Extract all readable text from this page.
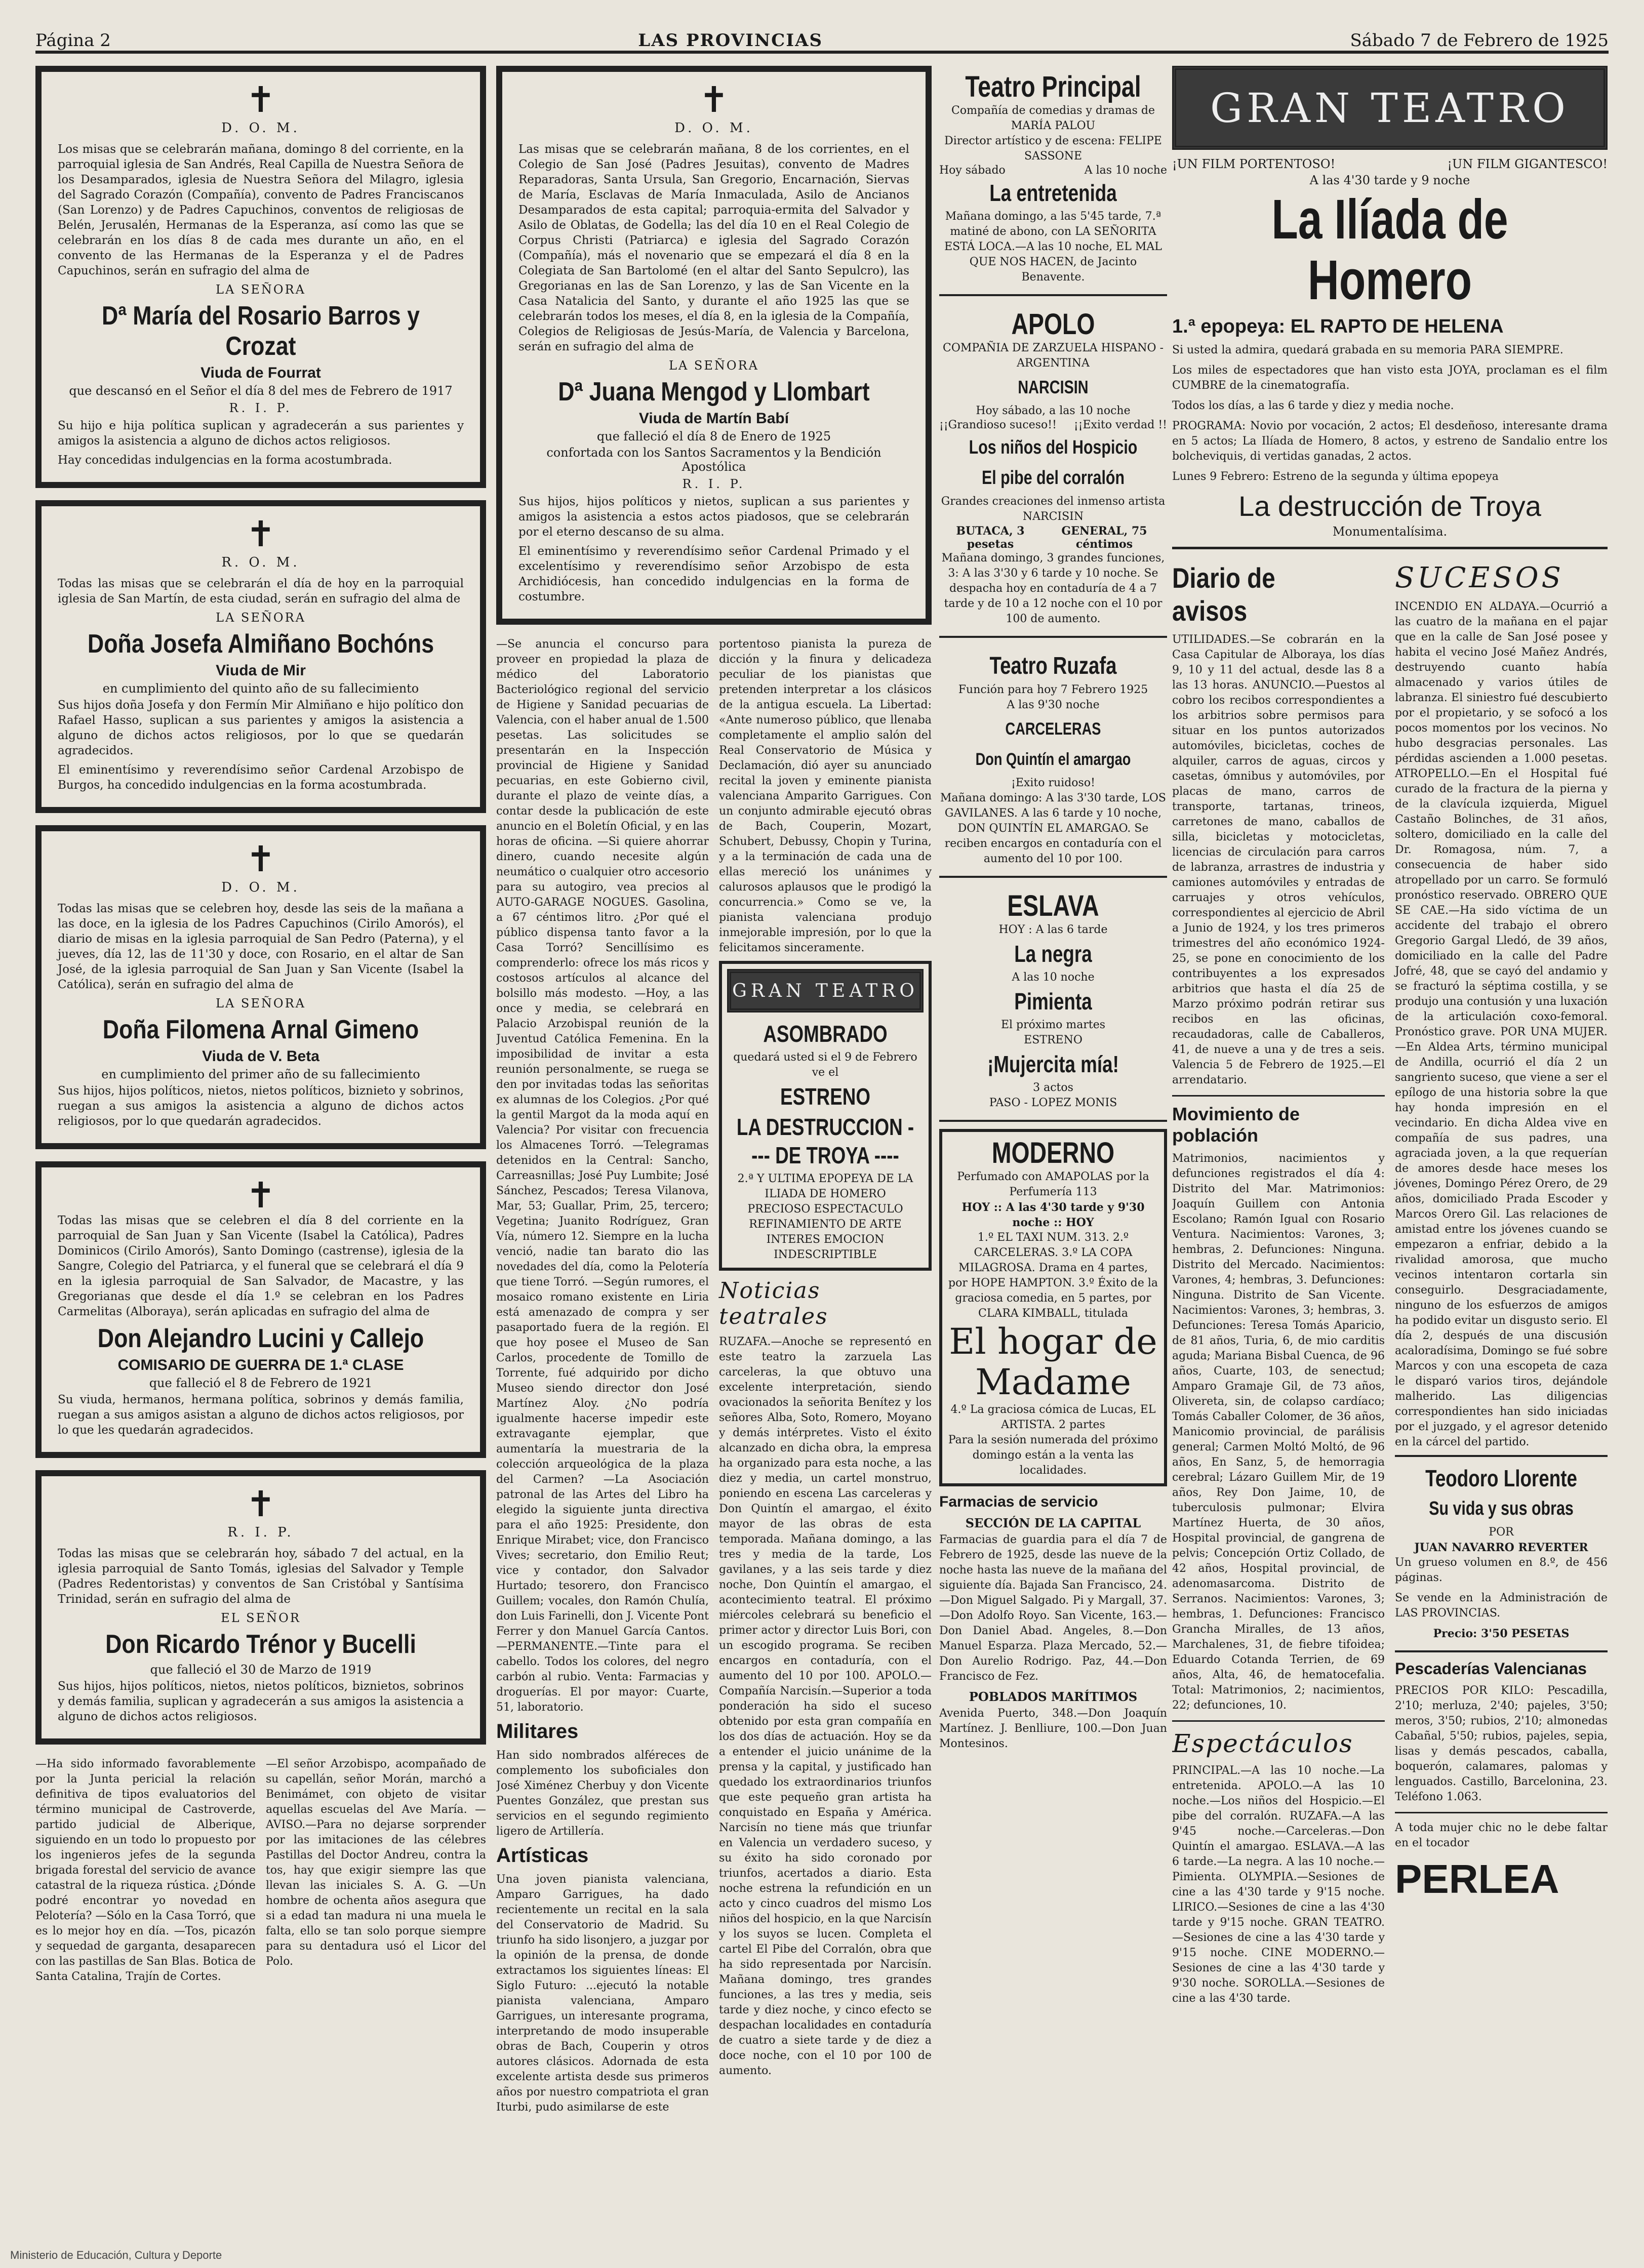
Página 2	LAS PROVINCIAS	Sábado 7 de Febrero de 1925
✝
D. O. M.

Los misas que se celebrarán mañana, domingo 8 del corriente, en la parroquial iglesia de San Andrés, Real Capilla de Nuestra Señora de los Desamparados, iglesia de Nuestra Señora del Milagro, iglesia del Sagrado Corazón (Compañía), convento de Padres Franciscanos (San Lorenzo) y de Padres Capuchinos, conventos de religiosas de Belén, Jerusalén, Hermanas de la Esperanza, así como las que se celebrarán en los días 8 de cada mes durante un año, en el convento de las Hermanas de la Esperanza y el de Padres Capuchinos, serán en sufragio del alma de

LA SEÑORA
Dª María del Rosario Barros y Crozat
Viuda de Fourrat
que descansó en el Señor el día 8 del mes de Febrero de 1917
R. I. P.

Su hijo e hija política suplican y agradecerán a sus parientes y amigos la asistencia a alguno de dichos actos religiosos.

Hay concedidas indulgencias en la forma acostumbrada.

✝
R. O. M.

Todas las misas que se celebrarán el día de hoy en la parroquial iglesia de San Martín, de esta ciudad, serán en sufragio del alma de

LA SEÑORA
Doña Josefa Almiñano Bochóns
Viuda de Mir
en cumplimiento del quinto año de su fallecimiento

Sus hijos doña Josefa y don Fermín Mir Almiñano e hijo político don Rafael Hasso, suplican a sus parientes y amigos la asistencia a alguno de dichos actos religiosos, por lo que se quedarán agradecidos.

El eminentísimo y reverendísimo señor Cardenal Arzobispo de Burgos, ha concedido indulgencias en la forma acostumbrada.

✝
D. O. M.

Todas las misas que se celebren hoy, desde las seis de la mañana a las doce, en la iglesia de los Padres Capuchinos (Cirilo Amorós), el diario de misas en la iglesia parroquial de San Pedro (Paterna), y el jueves, día 12, las de 11'30 y doce, con Rosario, en el altar de San José, de la iglesia parroquial de San Juan y San Vicente (Isabel la Católica), serán en sufragio del alma de

LA SEÑORA
Doña Filomena Arnal Gimeno
Viuda de V. Beta
en cumplimiento del primer año de su fallecimiento

Sus hijos, hijos políticos, nietos, nietos políticos, biznieto y sobrinos, ruegan a sus amigos la asistencia a alguno de dichos actos religiosos, por lo que quedarán agradecidos.

✝

Todas las misas que se celebren el día 8 del corriente en la parroquial de San Juan y San Vicente (Isabel la Católica), Padres Dominicos (Cirilo Amorós), Santo Domingo (castrense), iglesia de la Sangre, Colegio del Patriarca, y el funeral que se celebrará el día 9 en la iglesia parroquial de San Salvador, de Macastre, y las Gregorianas que desde el día 1.º se celebran en los Padres Carmelitas (Alboraya), serán aplicadas en sufragio del alma de

Don Alejandro Lucini y Callejo
COMISARIO DE GUERRA DE 1.ª CLASE
que falleció el 8 de Febrero de 1921

Su viuda, hermanos, hermana política, sobrinos y demás familia, ruegan a sus amigos asistan a alguno de dichos actos religiosos, por lo que les quedarán agradecidos.

✝
R. I. P.

Todas las misas que se celebrarán hoy, sábado 7 del actual, en la iglesia parroquial de Santo Tomás, iglesias del Salvador y Temple (Padres Redentoristas) y conventos de San Cristóbal y Santísima Trinidad, serán en sufragio del alma de

EL SEÑOR
Don Ricardo Trénor y Bucelli
que falleció el 30 de Marzo de 1919

Sus hijos, hijos políticos, nietos, nietos políticos, biznietos, sobrinos y demás familia, suplican y agradecerán a sus amigos la asistencia a alguno de dichos actos religiosos.

—Ha sido informado favorablemente por la Junta pericial la relación definitiva de tipos evaluatorios del término municipal de Castroverde, partido judicial de Alberique, siguiendo en un todo lo propuesto por los ingenieros jefes de la segunda brigada forestal del servicio de avance catastral de la riqueza rústica. ¿Dónde podré encontrar yo novedad en Pelotería? —Sólo en la Casa Torró, que es lo mejor hoy en día. —Tos, picazón y sequedad de garganta, desaparecen con las pastillas de San Blas. Botica de Santa Catalina, Trajín de Cortes.

—El señor Arzobispo, acompañado de su capellán, señor Morán, marchó a Benimámet, con objeto de visitar aquellas escuelas del Ave María. —AVISO.—Para no dejarse sorprender por las imitaciones de las célebres Pastillas del Doctor Andreu, contra la tos, hay que exigir siempre las que llevan las iniciales S. A. G. —Un hombre de ochenta años asegura que si a edad tan madura ni una muela le falta, ello se tan solo porque siempre para su dentadura usó el Licor del Polo.

✝
D. O. M.

Las misas que se celebrarán mañana, 8 de los corrientes, en el Colegio de San José (Padres Jesuitas), convento de Madres Reparadoras, Santa Ursula, San Gregorio, Encarnación, Siervas de María, Esclavas de María Inmaculada, Asilo de Ancianos Desamparados de esta capital; parroquia-ermita del Salvador y Asilo de Oblatas, de Godella; las del día 10 en el Real Colegio de Corpus Christi (Patriarca) e iglesia del Sagrado Corazón (Compañía), más el novenario que se empezará el día 8 en la Colegiata de San Bartolomé (en el altar del Santo Sepulcro), las Gregorianas en las de San Lorenzo, y las de San Vicente en la Casa Natalicia del Santo, y durante el año 1925 las que se celebrarán todos los meses, el día 8, en la iglesia de la Compañía, Colegios de Religiosas de Jesús-María, de Valencia y Barcelona, serán en sufragio del alma de

LA SEÑORA
Dª Juana Mengod y Llombart
Viuda de Martín Babí
que falleció el día 8 de Enero de 1925
confortada con los Santos Sacramentos y la Bendición Apostólica
R. I. P.

Sus hijos, hijos políticos y nietos, suplican a sus parientes y amigos la asistencia a estos actos piadosos, que se celebrarán por el eterno descanso de su alma.

El eminentísimo y reverendísimo señor Cardenal Primado y el excelentísimo y reverendísimo señor Arzobispo de esta Archidiócesis, han concedido indulgencias en la forma de costumbre.

—Se anuncia el concurso para proveer en propiedad la plaza de médico del Laboratorio Bacteriológico regional del servicio de Higiene y Sanidad pecuarias de Valencia, con el haber anual de 1.500 pesetas. Las solicitudes se presentarán en la Inspección provincial de Higiene y Sanidad pecuarias, en este Gobierno civil, durante el plazo de veinte días, a contar desde la publicación de este anuncio en el Boletín Oficial, y en las horas de oficina. —Si quiere ahorrar dinero, cuando necesite algún neumático o cualquier otro accesorio para su autogiro, vea precios al AUTO-GARAGE NOGUES. Gasolina, a 67 céntimos litro. ¿Por qué el público dispensa tanto favor a la Casa Torró? Sencillísimo es comprenderlo: ofrece los más ricos y costosos artículos al alcance del bolsillo más modesto. —Hoy, a las once y media, se celebrará en Palacio Arzobispal reunión de la Juventud Católica Femenina. En la imposibilidad de invitar a esta reunión personalmente, se ruega se den por invitadas todas las señoritas ex alumnas de los Colegios. ¿Por qué la gentil Margot da la moda aquí en Valencia? Por visitar con frecuencia los Almacenes Torró. —Telegramas detenidos en la Central: Sancho, Carreasnillas; José Puy Lumbite; José Sánchez, Pescados; Teresa Vilanova, Mar, 53; Guallar, Prim, 25, tercero; Vegetina; Juanito Rodríguez, Gran Vía, número 12. Siempre en la lucha venció, nadie tan barato dio las novedades del día, como la Pelotería que tiene Torró. —Según rumores, el mosaico romano existente en Liria está amenazado de compra y ser pasaportado fuera de la región. El que hoy posee el Museo de San Carlos, procedente de Tomillo de Torrente, fué adquirido por dicho Museo siendo director don José Martínez Aloy. ¿No podría igualmente hacerse impedir este extravagante ejemplar, que aumentaría la muestraria de la colección arqueológica de la plaza del Carmen? —La Asociación patronal de las Artes del Libro ha elegido la siguiente junta directiva para el año 1925: Presidente, don Enrique Mirabet; vice, don Francisco Vives; secretario, don Emilio Reut; vice y contador, don Salvador Hurtado; tesorero, don Francisco Guillem; vocales, don Ramón Chulía, don Luis Farinelli, don J. Vicente Pont Ferrer y don Manuel García Cantos. —PERMANENTE.—Tinte para el cabello. Todos los colores, del negro carbón al rubio. Venta: Farmacias y droguerías. El por mayor: Cuarte, 51, laboratorio.

Militares

Han sido nombrados alféreces de complemento los suboficiales don José Ximénez Cherbuy y don Vicente Puentes González, que prestan sus servicios en el segundo regimiento ligero de Artillería.

Artísticas

Una joven pianista valenciana, Amparo Garrigues, ha dado recientemente un recital en la sala del Conservatorio de Madrid. Su triunfo ha sido lisonjero, a juzgar por la opinión de la prensa, de donde extractamos los siguientes líneas: El Siglo Futuro: ...ejecutó la notable pianista valenciana, Amparo Garrigues, un interesante programa, interpretando de modo insuperable obras de Bach, Couperin y otros autores clásicos. Adornada de esta excelente artista desde sus primeros años por nuestro compatriota el gran Iturbi, pudo asimilarse de este

portentoso pianista la pureza de dicción y la finura y delicadeza peculiar de los pianistas que pretenden interpretar a los clásicos de la antigua escuela. La Libertad: «Ante numeroso público, que llenaba completamente el amplio salón del Real Conservatorio de Música y Declamación, dió ayer su anunciado recital la joven y eminente pianista valenciana Amparito Garrigues. Con un conjunto admirable ejecutó obras de Bach, Couperin, Mozart, Schubert, Debussy, Chopin y Turina, y a la terminación de cada una de ellas mereció los unánimes y calurosos aplausos que le prodigó la concurrencia.» Como se ve, la pianista valenciana produjo inmejorable impresión, por lo que la felicitamos sinceramente.

GRAN TEATRO
ASOMBRADO
quedará usted si el 9 de Febrero ve el
ESTRENO
LA DESTRUCCION ---- DE TROYA ----
2.ª Y ULTIMA EPOPEYA DE LA ILIADA DE HOMERO
PRECIOSO ESPECTACULO REFINAMIENTO DE ARTE
INTERES EMOCION INDESCRIPTIBLE
Noticias teatrales

RUZAFA.—Anoche se representó en este teatro la zarzuela Las carceleras, la que obtuvo una excelente interpretación, siendo ovacionados la señorita Benítez y los señores Alba, Soto, Romero, Moyano y demás intérpretes. Visto el éxito alcanzado en dicha obra, la empresa ha organizado para esta noche, a las diez y media, un cartel monstruo, poniendo en escena Las carceleras y Don Quintín el amargao, el éxito mayor de las obras de esta temporada. Mañana domingo, a las tres y media de la tarde, Los gavilanes, y a las seis tarde y diez noche, Don Quintín el amargao, el acontecimiento teatral. El próximo miércoles celebrará su beneficio el primer actor y director Luis Bori, con un escogido programa. Se reciben encargos en contaduría, con el aumento del 10 por 100. APOLO.—Compañía Narcisín.—Superior a toda ponderación ha sido el suceso obtenido por esta gran compañía en los dos días de actuación. Hoy se da a entender el juicio unánime de la prensa y la capital, y justificado han quedado los extraordinarios triunfos que este pequeño gran artista ha conquistado en España y América. Narcisín no tiene más que triunfar en Valencia un verdadero suceso, y su éxito ha sido coronado por triunfos, acertados a diario. Esta noche estrena la refundición en un acto y cinco cuadros del mismo Los niños del hospicio, en la que Narcisín y los suyos se lucen. Completa el cartel El Pibe del Corralón, obra que ha sido representada por Narcisín. Mañana domingo, tres grandes funciones, a las tres y media, seis tarde y diez noche, y cinco efecto se despachan localidades en contaduría de cuatro a siete tarde y de diez a doce noche, con el 10 por 100 de aumento.

Teatro Principal
Compañía de comedias y dramas de MARÍA PALOU
Director artístico y de escena: FELIPE SASSONE
Hoy sábado	A las 10 noche
La entretenida
Mañana domingo, a las 5'45 tarde, 7.ª matiné de abono, con LA SEÑORITA ESTÁ LOCA.—A las 10 noche, EL MAL QUE NOS HACEN, de Jacinto Benavente.
APOLO
COMPAÑIA DE ZARZUELA HISPANO - ARGENTINA
NARCISIN
Hoy sábado, a las 10 noche
¡¡Grandioso suceso!! ¡¡Exito verdad !!
Los niños del Hospicio
El pibe del corralón
Grandes creaciones del inmenso artista NARCISIN
BUTACA, 3 pesetas
GENERAL, 75 céntimos
Mañana domingo, 3 grandes funciones, 3: A las 3'30 y 6 tarde y 10 noche. Se despacha hoy en contaduría de 4 a 7 tarde y de 10 a 12 noche con el 10 por 100 de aumento.
Teatro Ruzafa
Función para hoy 7 Febrero 1925
A las 9'30 noche
CARCELERAS
Don Quintín el amargao
¡Exito ruidoso!
Mañana domingo: A las 3'30 tarde, LOS GAVILANES. A las 6 tarde y 10 noche, DON QUINTÍN EL AMARGAO. Se reciben encargos en contaduría con el aumento del 10 por 100.
ESLAVA
HOY : A las 6 tarde
La negra
A las 10 noche
Pimienta
El próximo martes
ESTRENO
¡Mujercita mía!
3 actos
PASO - LOPEZ MONIS
MODERNO
Perfumado con AMAPOLAS por la Perfumería 113
HOY :: A las 4'30 tarde y 9'30 noche :: HOY
1.º EL TAXI NUM. 313. 2.º CARCELERAS. 3.º LA COPA MILAGROSA. Drama en 4 partes, por HOPE HAMPTON. 3.º Éxito de la graciosa comedia, en 5 partes, por CLARA KIMBALL, titulada
El hogar de Madame
4.º La graciosa cómica de Lucas, EL ARTISTA. 2 partes
Para la sesión numerada del próximo domingo están a la venta las localidades.
Farmacias de servicio
SECCIÓN DE LA CAPITAL

Farmacias de guardia para el día 7 de Febrero de 1925, desde las nueve de la noche hasta las nueve de la mañana del siguiente día. Bajada San Francisco, 24.—Don Miguel Salgado. Pi y Margall, 37.—Don Adolfo Royo. San Vicente, 163.—Don Daniel Abad. Angeles, 8.—Don Manuel Esparza. Plaza Mercado, 52.—Don Aurelio Rodrigo. Paz, 44.—Don Francisco de Fez.

POBLADOS MARÍTIMOS

Avenida Puerto, 348.—Don Joaquín Martínez. J. Benlliure, 100.—Don Juan Montesinos.

GRAN TEATRO
¡UN FILM PORTENTOSO!	¡UN FILM GIGANTESCO!
A las 4'30 tarde y 9 noche
La Ilíada de Homero
1.ª epopeya: EL RAPTO DE HELENA

Si usted la admira, quedará grabada en su memoria PARA SIEMPRE.

Los miles de espectadores que han visto esta JOYA, proclaman es el film CUMBRE de la cinematografía.

Todos los días, a las 6 tarde y diez y media noche.

PROGRAMA: Novio por vocación, 2 actos; El desdeñoso, interesante drama en 5 actos; La Ilíada de Homero, 8 actos, y estreno de Sandalio entre los bolcheviquis, di vertidas ganadas, 2 actos.

Lunes 9 Febrero: Estreno de la segunda y última epopeya

La destrucción de Troya
Monumentalísima.
Diario de avisos

UTILIDADES.—Se cobrarán en la Casa Capitular de Alboraya, los días 9, 10 y 11 del actual, desde las 8 a las 13 horas. ANUNCIO.—Puestos al cobro los recibos correspondientes a los arbitrios sobre permisos para situar en los puntos autorizados automóviles, bicicletas, coches de alquiler, carros de aguas, circos y casetas, ómnibus y automóviles, por placas de mano, carros de transporte, tartanas, trineos, carretones de mano, caballos de silla, bicicletas y motocicletas, licencias de circulación para carros de labranza, arrastres de industria y camiones automóviles y entradas de carruajes y otros vehículos, correspondientes al ejercicio de Abril a Junio de 1924, y los tres primeros trimestres del año económico 1924-25, se pone en conocimiento de los contribuyentes a los expresados arbitrios que hasta el día 25 de Marzo próximo podrán retirar sus recibos en las oficinas, recaudadoras, calle de Caballeros, 41, de nueve a una y de tres a seis. Valencia 5 de Febrero de 1925.—El arrendatario.

Movimiento de población

Matrimonios, nacimientos y defunciones registrados el día 4: Distrito del Mar. Matrimonios: Joaquín Guillem con Antonia Escolano; Ramón Igual con Rosario Ventura. Nacimientos: Varones, 3; hembras, 2. Defunciones: Ninguna. Distrito del Mercado. Nacimientos: Varones, 4; hembras, 3. Defunciones: Ninguna. Distrito de San Vicente. Nacimientos: Varones, 3; hembras, 3. Defunciones: Teresa Tomás Aparicio, de 81 años, Turia, 6, de mio carditis aguda; Mariana Bisbal Cuenca, de 96 años, Cuarte, 103, de senectud; Amparo Gramaje Gil, de 73 años, Olivereta, sin, de colapso cardíaco; Tomás Caballer Colomer, de 36 años, Manicomio provincial, de parálisis general; Carmen Moltó Moltó, de 96 años, En Sanz, 5, de hemorragia cerebral; Lázaro Guillem Mir, de 19 años, Rey Don Jaime, 10, de tuberculosis pulmonar; Elvira Martínez Huerta, de 30 años, Hospital provincial, de gangrena de pelvis; Concepción Ortiz Collado, de 42 años, Hospital provincial, de adenomasarcoma. Distrito de Serranos. Nacimientos: Varones, 3; hembras, 1. Defunciones: Francisco Grancha Miralles, de 13 años, Marchalenes, 31, de fiebre tifoidea; Eduardo Cotanda Terrien, de 69 años, Alta, 46, de hematocefalia. Total: Matrimonios, 2; nacimientos, 22; defunciones, 10.

Espectáculos

PRINCIPAL.—A las 10 noche.—La entretenida. APOLO.—A las 10 noche.—Los niños del Hospicio.—El pibe del corralón. RUZAFA.—A las 9'45 noche.—Carceleras.—Don Quintín el amargao. ESLAVA.—A las 6 tarde.—La negra. A las 10 noche.—Pimienta. OLYMPIA.—Sesiones de cine a las 4'30 tarde y 9'15 noche. LIRICO.—Sesiones de cine a las 4'30 tarde y 9'15 noche. GRAN TEATRO.—Sesiones de cine a las 4'30 tarde y 9'15 noche. CINE MODERNO.—Sesiones de cine a las 4'30 tarde y 9'30 noche. SOROLLA.—Sesiones de cine a las 4'30 tarde.

SUCESOS

INCENDIO EN ALDAYA.—Ocurrió a las cuatro de la mañana en el pajar que en la calle de San José posee y habita el vecino José Mañez Andrés, destruyendo cuanto había almacenado y varios útiles de labranza. El siniestro fué descubierto por el propietario, y se sofocó a los pocos momentos por los vecinos. No hubo desgracias personales. Las pérdidas ascienden a 1.000 pesetas. ATROPELLO.—En el Hospital fué curado de la fractura de la pierna y de la clavícula izquierda, Miguel Castaño Bolinches, de 31 años, soltero, domiciliado en la calle del Dr. Romagosa, núm. 7, a consecuencia de haber sido atropellado por un carro. Se formuló pronóstico reservado. OBRERO QUE SE CAE.—Ha sido víctima de un accidente del trabajo el obrero Gregorio Gargal Lledó, de 39 años, domiciliado en la calle del Padre Jofré, 48, que se cayó del andamio y se fracturó la séptima costilla, y se produjo una contusión y una luxación de la articulación coxo-femoral. Pronóstico grave. POR UNA MUJER.—En Aldea Arts, término municipal de Andilla, ocurrió el día 2 un sangriento suceso, que viene a ser el epílogo de una historia sobre la que hay honda impresión en el vecindario. En dicha Aldea vive en compañía de sus padres, una agraciada joven, a la que requerían de amores desde hace meses los jóvenes, Domingo Pérez Orero, de 29 años, domiciliado Prada Escoder y Marcos Orero Gil. Las relaciones de amistad entre los jóvenes cuando se empezaron a enfriar, debido a la rivalidad amorosa, que mucho vecinos intentaron cortarla sin conseguirlo. Desgraciadamente, ninguno de los esfuerzos de amigos ha podido evitar un disgusto serio. El día 2, después de una discusión acaloradísima, Domingo se fué sobre Marcos y con una escopeta de caza le disparó varios tiros, dejándole malherido. Las diligencias correspondientes han sido iniciadas por el juzgado, y el agresor detenido en la cárcel del partido.

Teodoro Llorente
Su vida y sus obras
POR
JUAN NAVARRO REVERTER

Un grueso volumen en 8.º, de 456 páginas.

Se vende en la Administración de LAS PROVINCIAS.

Precio: 3'50 PESETAS
Pescaderías Valencianas

PRECIOS POR KILO: Pescadilla, 2'10; merluza, 2'40; pajeles, 3'50; meros, 3'50; rubios, 2'10; almonedas Cabañal, 5'50; rubios, pajeles, sepia, lisas y demás pescados, caballa, boquerón, calamares, palomas y lenguados. Castillo, Barcelonina, 23. Teléfono 1.063.

A toda mujer chic no le debe faltar en el tocador

PERLEA
Ministerio de Educación, Cultura y Deporte
